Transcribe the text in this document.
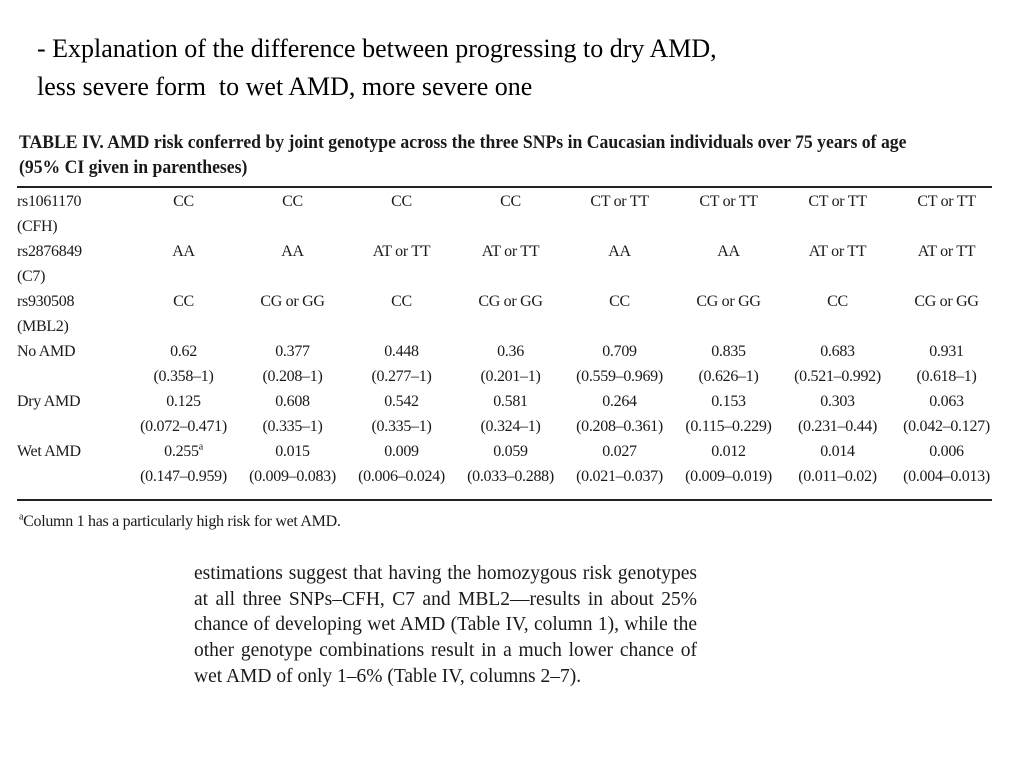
- Explanation of the difference between progressing to dry AMD,
less severe form  to wet AMD, more severe one
TABLE IV. AMD risk conferred by joint genotype across the three SNPs in Caucasian individuals over 75 years of age (95% CI given in parentheses)
rs1061170	CC	CC	CC	CC	CT or TT	CT or TT	CT or TT	CT or TT
(CFH)								
rs2876849	AA	AA	AT or TT	AT or TT	AA	AA	AT or TT	AT or TT
(C7)								
rs930508	CC	CG or GG	CC	CG or GG	CC	CG or GG	CC	CG or GG
(MBL2)								
No AMD	0.62	0.377	0.448	0.36	0.709	0.835	0.683	0.931
	(0.358–1)	(0.208–1)	(0.277–1)	(0.201–1)	(0.559–0.969)	(0.626–1)	(0.521–0.992)	(0.618–1)
Dry AMD	0.125	0.608	0.542	0.581	0.264	0.153	0.303	0.063
	(0.072–0.471)	(0.335–1)	(0.335–1)	(0.324–1)	(0.208–0.361)	(0.115–0.229)	(0.231–0.44)	(0.042–0.127)
Wet AMD	0.255$^a$	0.015	0.009	0.059	0.027	0.012	0.014	0.006
	(0.147–0.959)	(0.009–0.083)	(0.006–0.024)	(0.033–0.288)	(0.021–0.037)	(0.009–0.019)	(0.011–0.02)	(0.004–0.013)
$^a$Column 1 has a particularly high risk for wet AMD.
estimations suggest that having the homozygous risk genotypes at all three SNPs–CFH, C7 and MBL2—results in about 25% chance of developing wet AMD (Table IV, column 1), while the other genotype combinations result in a much lower chance of wet AMD of only 1–6% (Table IV, columns 2–7).
